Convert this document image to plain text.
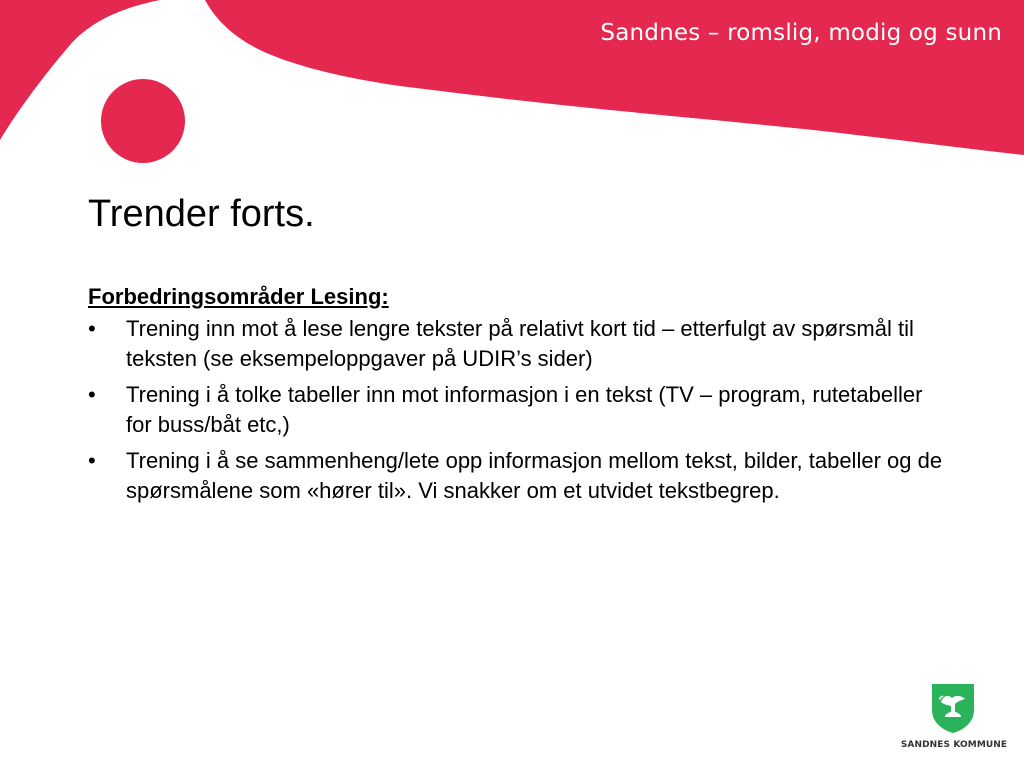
Sandnes – romslig, modig og sunn
Trender forts.
Forbedringsområder Lesing:
•	Trening inn mot å lese lengre tekster på relativt kort tid – etterfulgt av spørsmål til teksten (se eksempeloppgaver på UDIR’s sider)
•	Trening i å tolke tabeller inn mot informasjon i en tekst (TV – program, rutetabeller for buss/båt etc,)
•	Trening i å se sammenheng/lete opp informasjon mellom tekst, bilder, tabeller og de spørsmålene som «hører til». Vi snakker om et utvidet tekstbegrep.
SANDNES KOMMUNE
